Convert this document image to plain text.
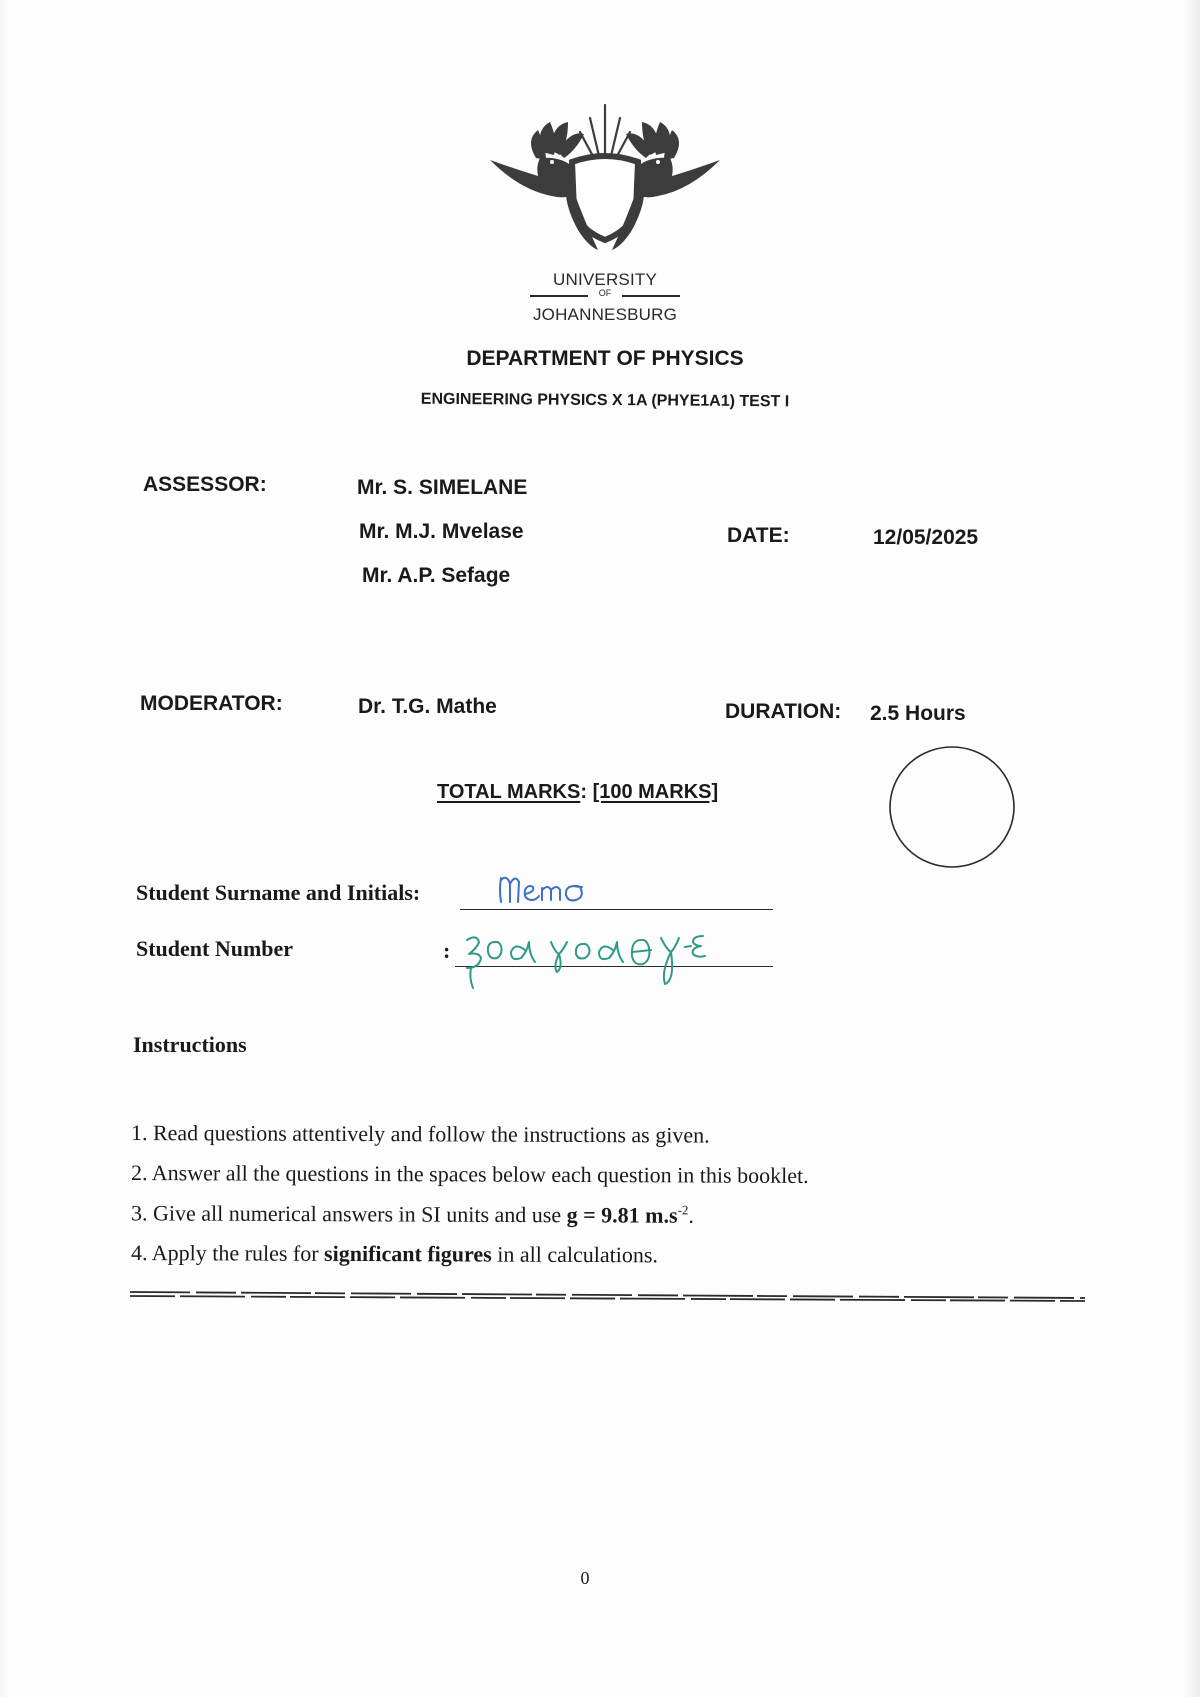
UNIVERSITY
OF
JOHANNESBURG
DEPARTMENT OF PHYSICS
ENGINEERING PHYSICS X 1A (PHYE1A1) TEST I
ASSESSOR:	Mr. S. SIMELANE
Mr. M.J. Mvelase
Mr. A.P. Sefage
DATE:	12/05/2025
MODERATOR:	Dr. T.G. Mathe	DURATION: 2.5 Hours
TOTAL MARKS: [100 MARKS]
Student Surname and Initials:
Student Number	:
Instructions
1. Read questions attentively and follow the instructions as given.
2. Answer all the questions in the spaces below each question in this booklet.
3. Give all numerical answers in SI units and use g = 9.81 $m.s^{-2}$.
4. Apply the rules for significant figures in all calculations.
0
